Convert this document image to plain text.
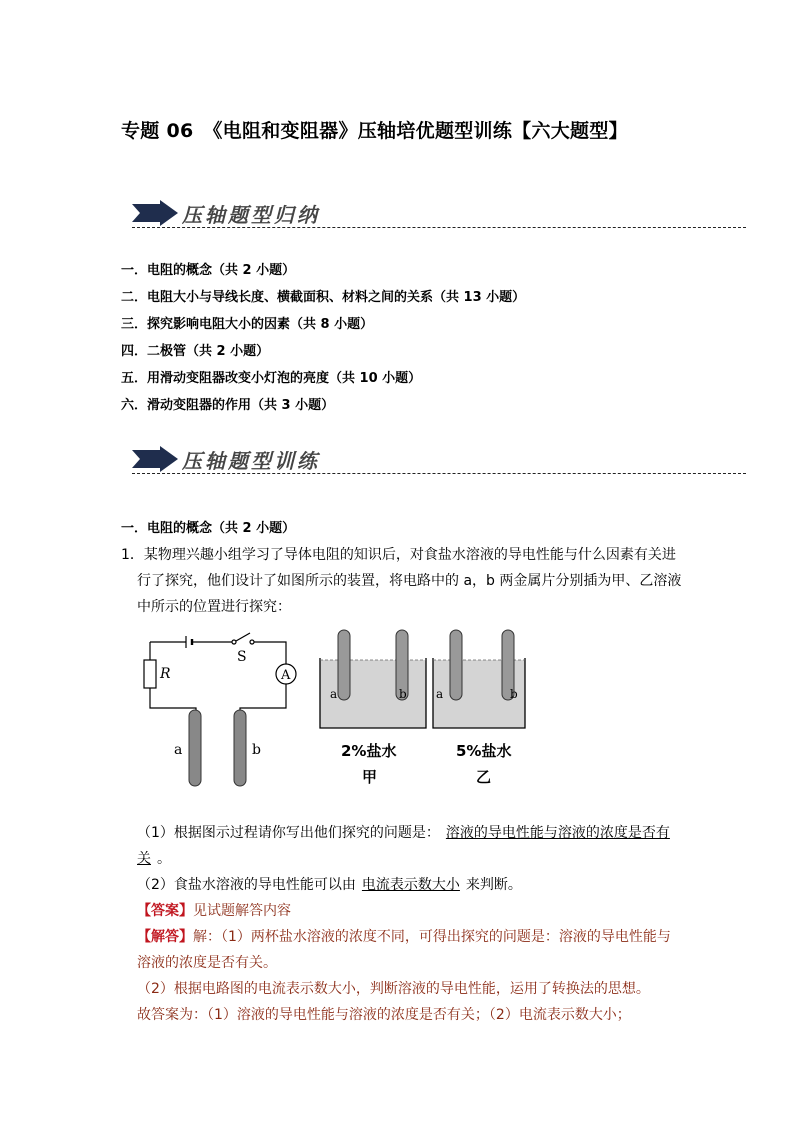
专题 06　《电阻和变阻器》压轴培优题型训练【六大题型】
压轴题型归纳
一．电阻的概念（共 2 小题）
二．电阻大小与导线长度、横截面积、材料之间的关系（共 13 小题）
三．探究影响电阻大小的因素（共 8 小题）
四．二极管（共 2 小题）
五．用滑动变阻器改变小灯泡的亮度（共 10 小题）
六．滑动变阻器的作用（共 3 小题）
压轴题型训练
一．电阻的概念（共 2 小题）
1．某物理兴趣小组学习了导体电阻的知识后，对食盐水溶液的导电性能与什么因素有关进
行了探究，他们设计了如图所示的装置，将电路中的 a，b 两金属片分别插为甲、乙溶液
中所示的位置进行探究：
S
A
R
a	b
a	b a	b
2%盐水	5%盐水
甲	乙
（1）根据图示过程请你写出他们探究的问题是： 溶液的导电性能与溶液的浓度是否有
关 。
（2）食盐水溶液的导电性能可以由 电流表示数大小 来判断。
【答案】见试题解答内容
【解答】解：（1）两杯盐水溶液的浓度不同，可得出探究的问题是：溶液的导电性能与
溶液的浓度是否有关。
（2）根据电路图的电流表示数大小，判断溶液的导电性能，运用了转换法的思想。
故答案为：（1）溶液的导电性能与溶液的浓度是否有关；（2）电流表示数大小；
